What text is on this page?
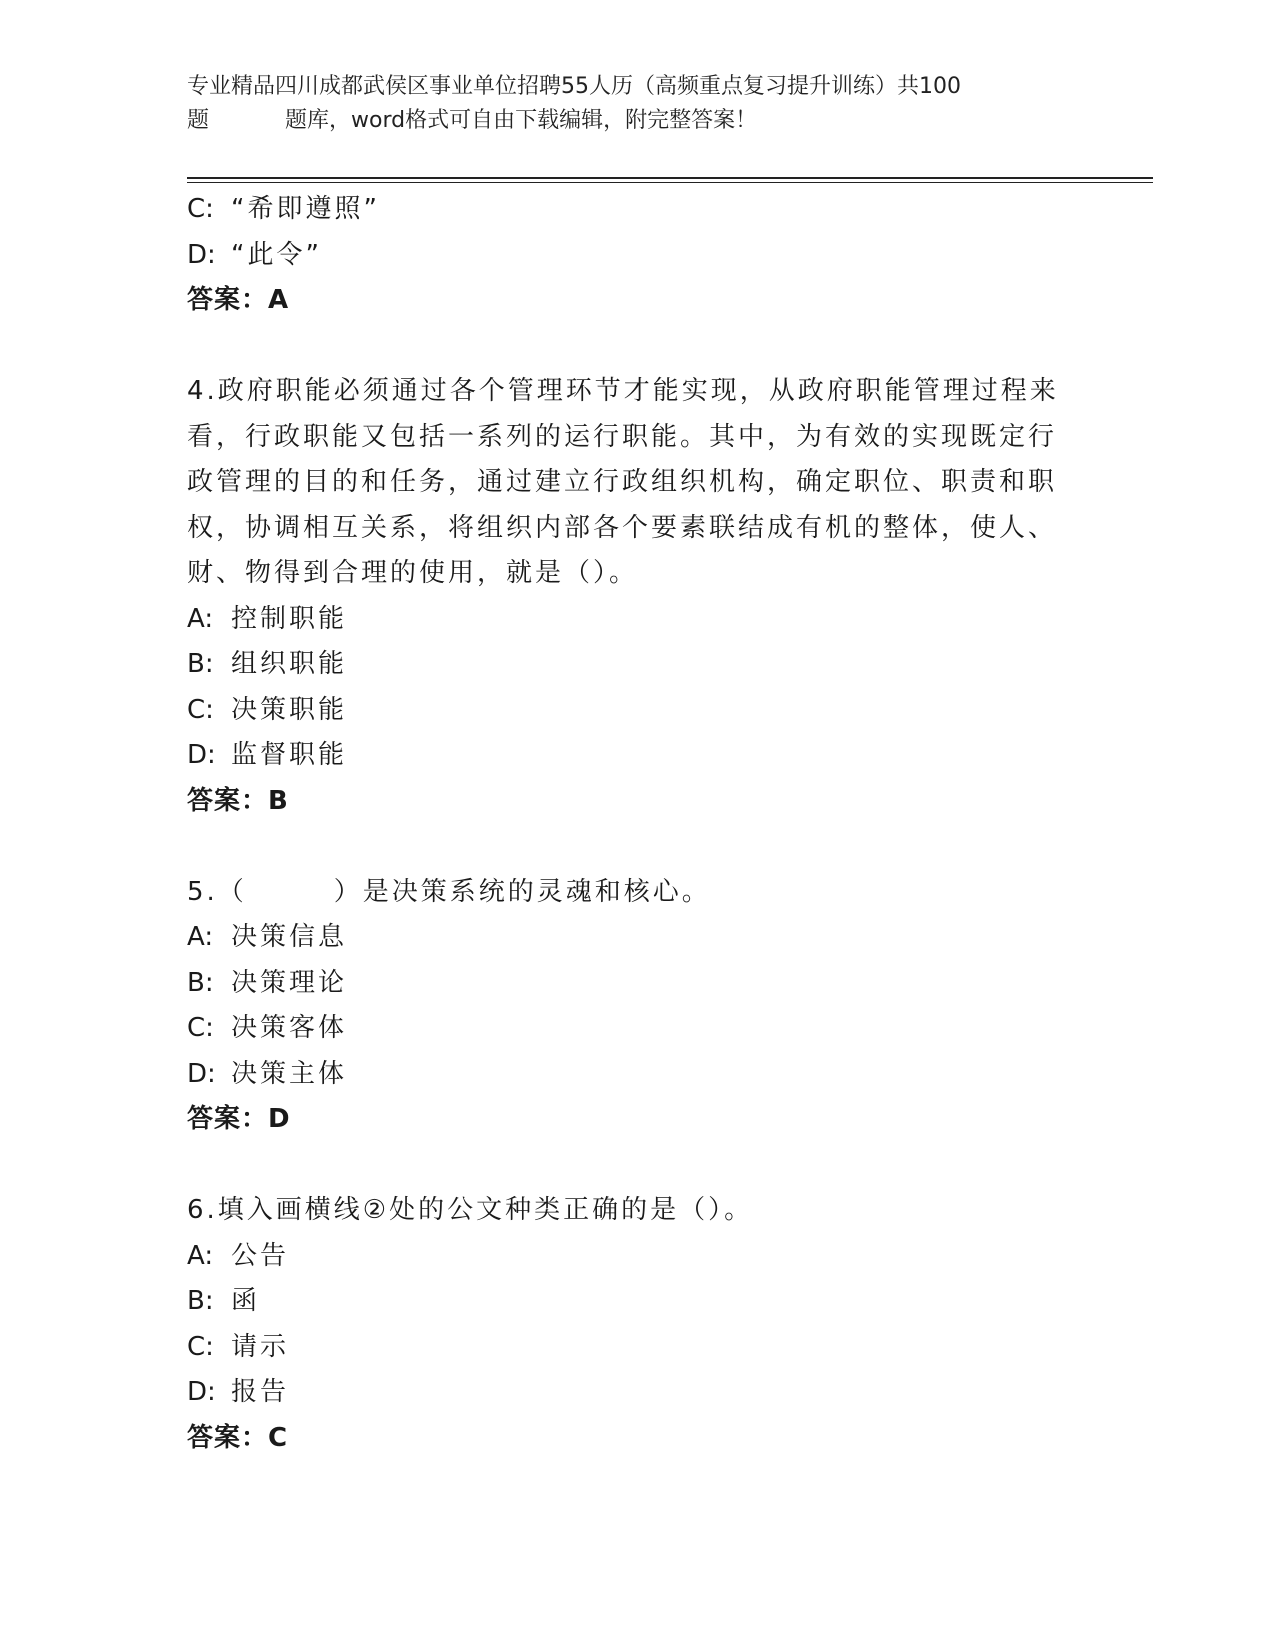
专业精品四川成都武侯区事业单位招聘55人历（高频重点复习提升训练）共100
题	题库，word格式可自由下载编辑，附完整答案！
C: “希即遵照”
D: “此令”
答案：A
4.政府职能必须通过各个管理环节才能实现，从政府职能管理过程来
看，行政职能又包括一系列的运行职能。其中，为有效的实现既定行
政管理的目的和任务，通过建立行政组织机构，确定职位、职责和职
权，协调相互关系，将组织内部各个要素联结成有机的整体，使人、
财、物得到合理的使用，就是（）。
A: 控制职能
B: 组织职能
C: 决策职能
D: 监督职能
答案：B
5.（　　　）是决策系统的灵魂和核心。
A: 决策信息
B: 决策理论
C: 决策客体
D: 决策主体
答案：D
6.填入画横线②处的公文种类正确的是（）。
A: 公告
B: 函
C: 请示
D: 报告
答案：C
